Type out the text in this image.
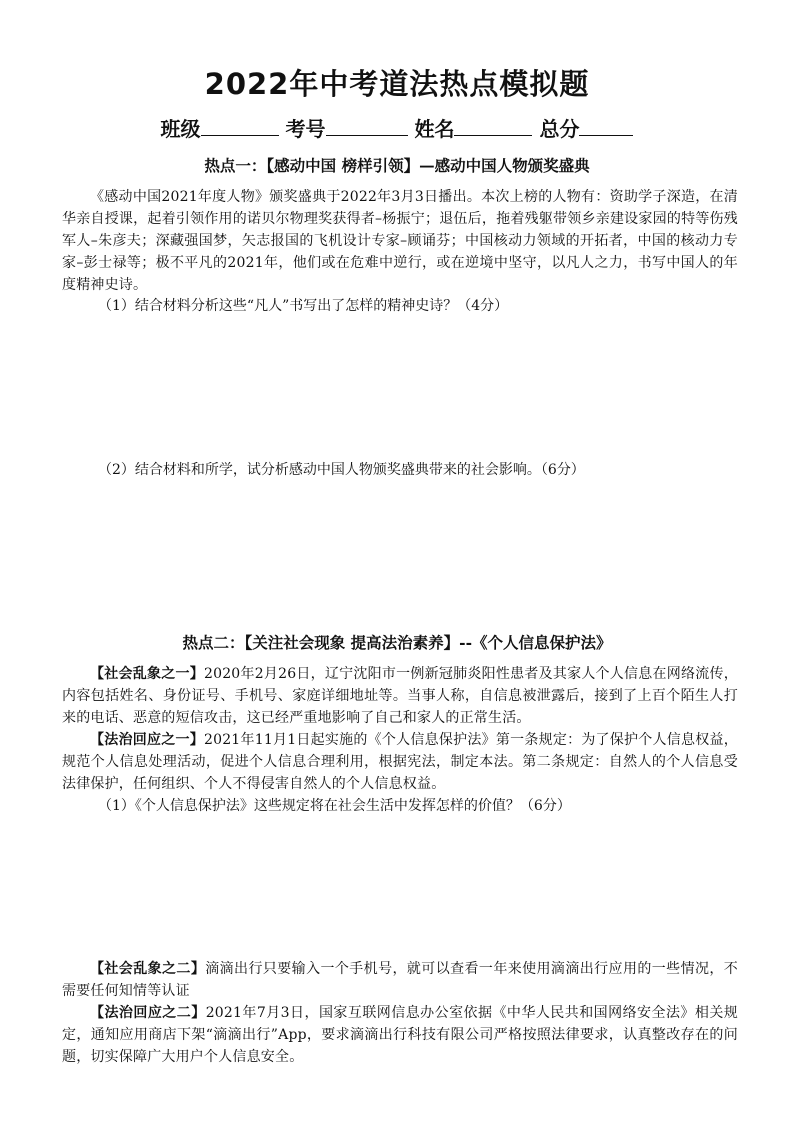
2022年中考道法热点模拟题
班级	考号	姓名	总分
热点一：【感动中国 榜样引领】—感动中国人物颁奖盛典
《感动中国2021年度人物》颁奖盛典于2022年3月3日播出。本次上榜的人物有：资助学子深造，在清华亲自授课，起着引领作用的诺贝尔物理奖获得者–杨振宁；退伍后，拖着残躯带领乡亲建设家园的特等伤残军人–朱彦夫；深藏强国梦，矢志报国的飞机设计专家–顾诵芬；中国核动力领域的开拓者，中国的核动力专家–彭士禄等；极不平凡的2021年，他们或在危难中逆行，或在逆境中坚守，以凡人之力，书写中国人的年度精神史诗。
（1）结合材料分析这些“凡人”书写出了怎样的精神史诗？（4分）
（2）结合材料和所学，试分析感动中国人物颁奖盛典带来的社会影响。（6分）
热点二：【关注社会现象 提高法治素养】--《个人信息保护法》
【社会乱象之一】2020年2月26日，辽宁沈阳市一例新冠肺炎阳性患者及其家人个人信息在网络流传，内容包括姓名、身份证号、手机号、家庭详细地址等。当事人称，自信息被泄露后，接到了上百个陌生人打来的电话、恶意的短信攻击，这已经严重地影响了自己和家人的正常生活。
【法治回应之一】2021年11月1日起实施的《个人信息保护法》第一条规定：为了保护个人信息权益，规范个人信息处理活动，促进个人信息合理利用，根据宪法，制定本法。第二条规定：自然人的个人信息受法律保护，任何组织、个人不得侵害自然人的个人信息权益。
（1）《个人信息保护法》这些规定将在社会生活中发挥怎样的价值？（6分）
【社会乱象之二】滴滴出行只要输入一个手机号，就可以查看一年来使用滴滴出行应用的一些情况，不需要任何知情等认证
【法治回应之二】2021年7月3日，国家互联网信息办公室依据《中华人民共和国网络安全法》相关规定，通知应用商店下架“滴滴出行”App，要求滴滴出行科技有限公司严格按照法律要求，认真整改存在的问题，切实保障广大用户个人信息安全。
